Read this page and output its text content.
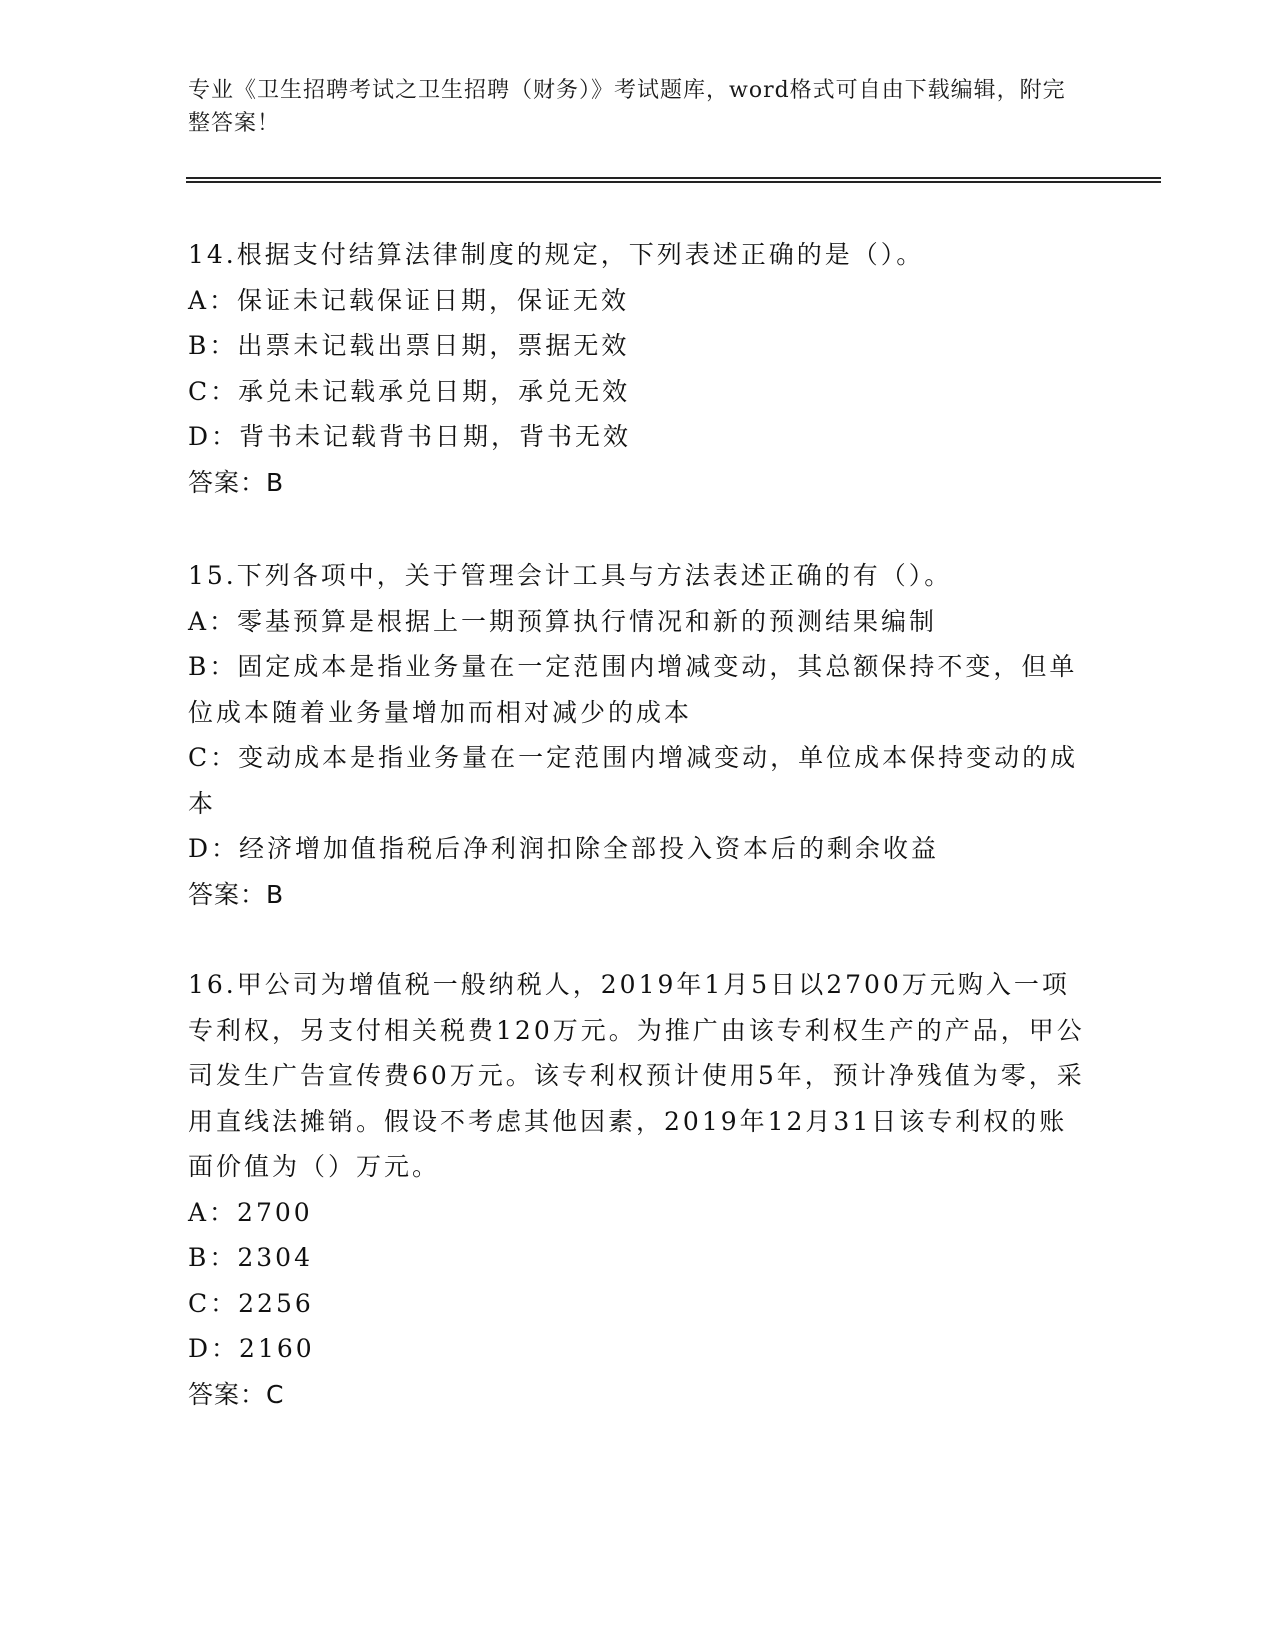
专业《卫生招聘考试之卫生招聘（财务）》考试题库，word格式可自由下载编辑，附完整答案！
14.根据支付结算法律制度的规定，下列表述正确的是（）。
A：保证未记载保证日期，保证无效
B：出票未记载出票日期，票据无效
C：承兑未记载承兑日期，承兑无效
D：背书未记载背书日期，背书无效
答案：B
15.下列各项中，关于管理会计工具与方法表述正确的有（）。
A：零基预算是根据上一期预算执行情况和新的预测结果编制
B：固定成本是指业务量在一定范围内增减变动，其总额保持不变，但单位成本随着业务量增加而相对减少的成本
C：变动成本是指业务量在一定范围内增减变动，单位成本保持变动的成本
D：经济增加值指税后净利润扣除全部投入资本后的剩余收益
答案：B
16.甲公司为增值税一般纳税人，2019年1月5日以2700万元购入一项专利权，另支付相关税费120万元。为推广由该专利权生产的产品，甲公司发生广告宣传费60万元。该专利权预计使用5年，预计净残值为零，采用直线法摊销。假设不考虑其他因素，2019年12月31日该专利权的账面价值为（）万元。
A：2700
B：2304
C：2256
D：2160
答案：C
